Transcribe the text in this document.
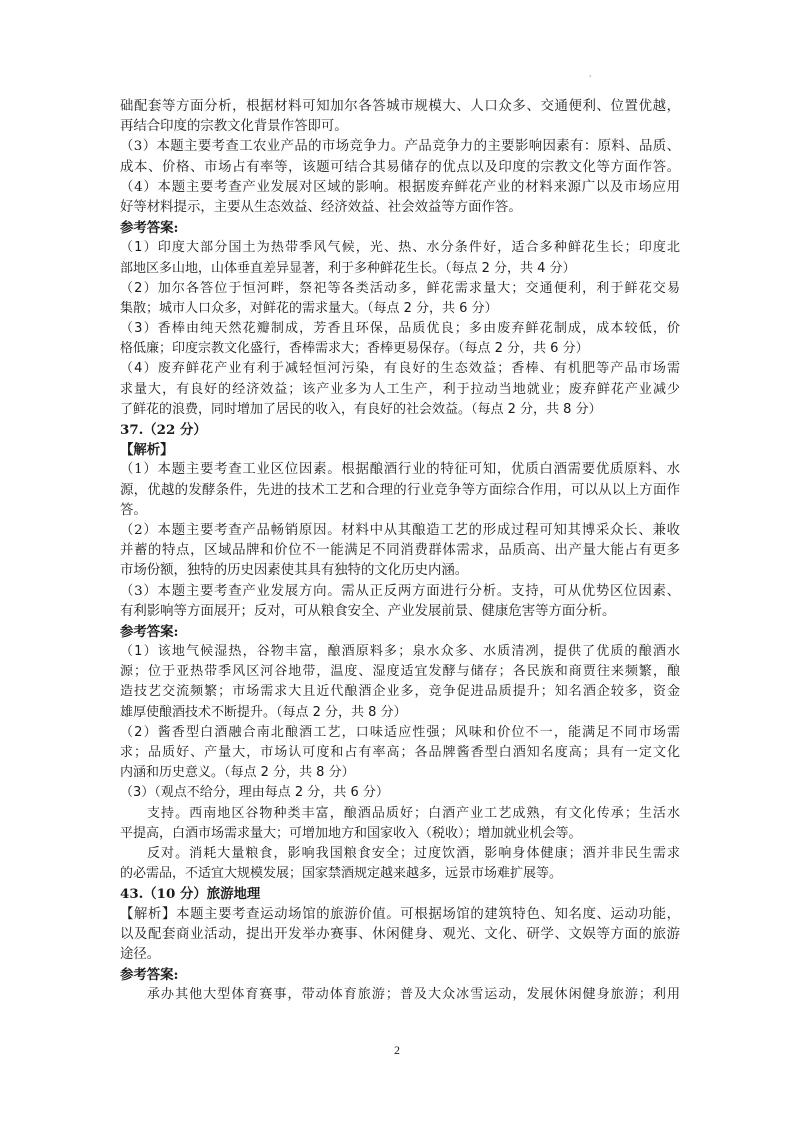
'
础配套等方面分析，根据材料可知加尔各答城市规模大、人口众多、交通便利、位置优越，
再结合印度的宗教文化背景作答即可。
（3）本题主要考查工农业产品的市场竞争力。产品竞争力的主要影响因素有：原料、品质、
成本、价格、市场占有率等，该题可结合其易储存的优点以及印度的宗教文化等方面作答。
（4）本题主要考查产业发展对区域的影响。根据废弃鲜花产业的材料来源广以及市场应用
好等材料提示，主要从生态效益、经济效益、社会效益等方面作答。
参考答案:
（1）印度大部分国土为热带季风气候，光、热、水分条件好，适合多种鲜花生长；印度北
部地区多山地，山体垂直差异显著，利于多种鲜花生长。（每点 2 分，共 4 分）
（2）加尔各答位于恒河畔，祭祀等各类活动多，鲜花需求量大；交通便利，利于鲜花交易
集散；城市人口众多，对鲜花的需求量大。（每点 2 分，共 6 分）
（3）香棒由纯天然花瓣制成，芳香且环保，品质优良；多由废弃鲜花制成，成本较低，价
格低廉；印度宗教文化盛行，香棒需求大；香棒更易保存。（每点 2 分，共 6 分）
（4）废弃鲜花产业有利于减轻恒河污染，有良好的生态效益；香棒、有机肥等产品市场需
求量大，有良好的经济效益；该产业多为人工生产，利于拉动当地就业；废弃鲜花产业减少
了鲜花的浪费，同时增加了居民的收入，有良好的社会效益。（每点 2 分，共 8 分）
37.（22 分）
【解析】
（1）本题主要考查工业区位因素。根据酿酒行业的特征可知，优质白酒需要优质原料、水
源，优越的发酵条件，先进的技术工艺和合理的行业竞争等方面综合作用，可以从以上方面作
答。
（2）本题主要考查产品畅销原因。材料中从其酿造工艺的形成过程可知其博采众长、兼收
并蓄的特点，区域品牌和价位不一能满足不同消费群体需求，品质高、出产量大能占有更多
市场份额，独特的历史因素使其具有独特的文化历史内涵。
（3）本题主要考查产业发展方向。需从正反两方面进行分析。支持，可从优势区位因素、
有利影响等方面展开；反对，可从粮食安全、产业发展前景、健康危害等方面分析。
参考答案:
（1）该地气候湿热，谷物丰富，酿酒原料多；泉水众多、水质清冽，提供了优质的酿酒水
源；位于亚热带季风区河谷地带，温度、湿度适宜发酵与储存；各民族和商贾往来频繁，酿
造技艺交流频繁；市场需求大且近代酿酒企业多，竞争促进品质提升；知名酒企较多，资金
雄厚使酿酒技术不断提升。（每点 2 分，共 8 分）
（2）酱香型白酒融合南北酿酒工艺，口味适应性强；风味和价位不一，能满足不同市场需
求；品质好、产量大，市场认可度和占有率高；各品牌酱香型白酒知名度高；具有一定文化
内涵和历史意义。（每点 2 分，共 8 分）
（3）（观点不给分，理由每点 2 分，共 6 分）
支持。西南地区谷物种类丰富，酿酒品质好；白酒产业工艺成熟，有文化传承；生活水
平提高，白酒市场需求量大；可增加地方和国家收入（税收）；增加就业机会等。
反对。消耗大量粮食，影响我国粮食安全；过度饮酒，影响身体健康；酒并非民生需求
的必需品，不适宜大规模发展；国家禁酒规定越来越多，远景市场难扩展等。
43.（10 分）旅游地理
【解析】本题主要考查运动场馆的旅游价值。可根据场馆的建筑特色、知名度、运动功能，
以及配套商业活动，提出开发举办赛事、休闲健身、观光、文化、研学、文娱等方面的旅游
途径。
参考答案:
承办其他大型体育赛事，带动体育旅游；普及大众冰雪运动，发展休闲健身旅游；利用
2
